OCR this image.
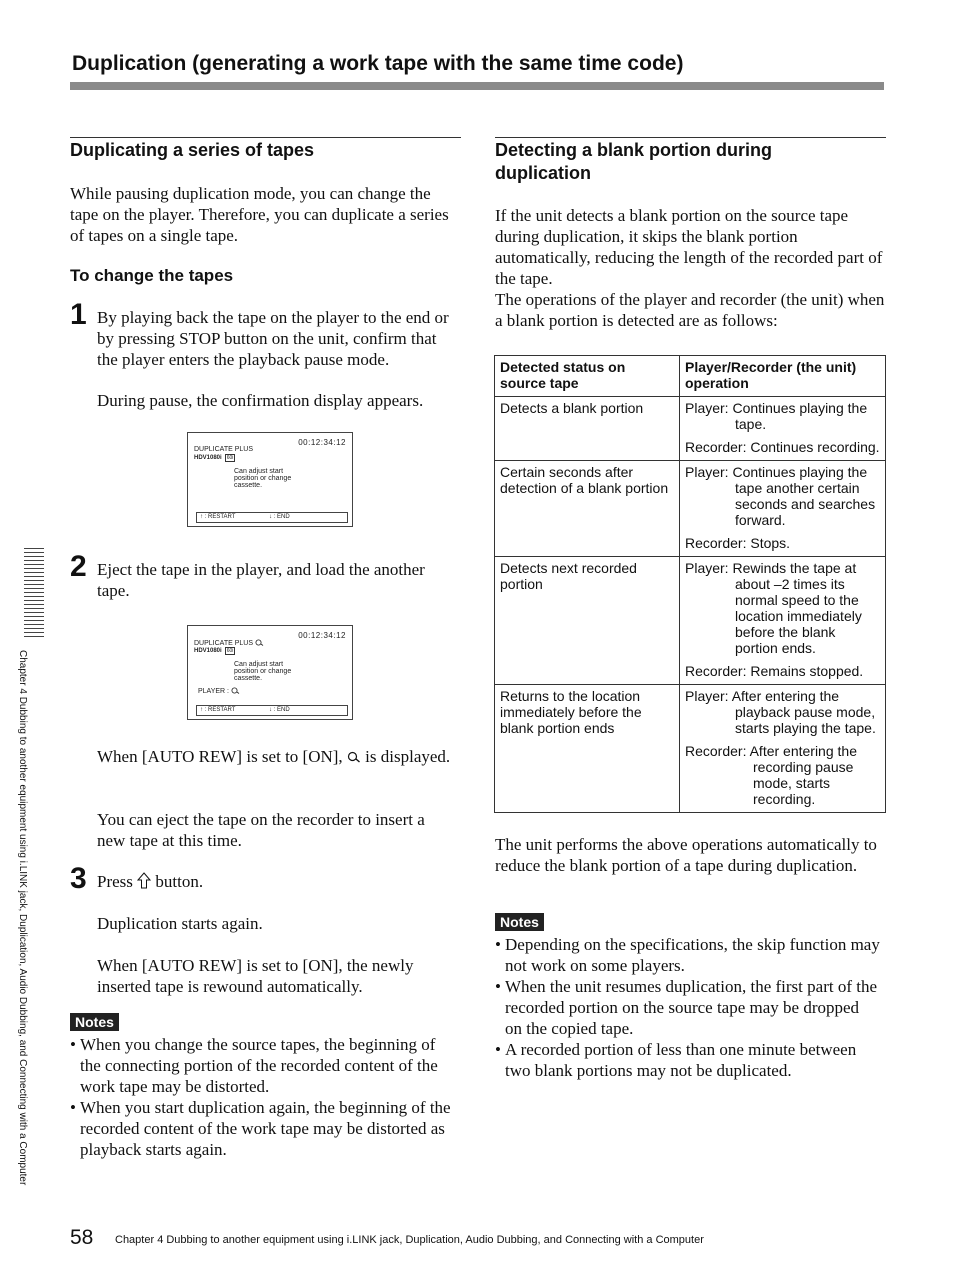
Duplication (generating a work tape with the same time code)
Duplicating a series of tapes
While pausing duplication mode, you can change the tape on the player. Therefore, you can duplicate a series of tapes on a single tape.
To change the tapes
1 By playing back the tape on the player to the end or by pressing STOP button on the unit, confirm that the player enters the playback pause mode.
During pause, the confirmation display appears.
00:12:34:12
DUPLICATE PLUS
HDV1080i 60i
Can adjust start
position or change
cassette.
↑ : RESTART	↓ : END
2 Eject the tape in the player, and load the another tape.
00:12:34:12
DUPLICATE PLUS
HDV1080i 60i
Can adjust start
position or change
cassette.
PLAYER :
↑ : RESTART	↓ : END
When [AUTO REW] is set to [ON],  is displayed.
You can eject the tape on the recorder to insert a new tape at this time.
3 Press  button.
Duplication starts again.
When [AUTO REW] is set to [ON], the newly inserted tape is rewound automatically.
Notes
• When you change the source tapes, the beginning of the connecting portion of the recorded content of the work tape may be distorted.
• When you start duplication again, the beginning of the recorded content of the work tape may be distorted as playback starts again.
Detecting a blank portion during duplication
If the unit detects a blank portion on the source tape during duplication, it skips the blank portion automatically, reducing the length of the recorded part of the tape.
The operations of the player and recorder (the unit) when a blank portion is detected are as follows:
Detected status on source tape	Player/Recorder (the unit) operation
Detects a blank portion	Player: Continues playing the tape.
Recorder: Continues recording.

Certain seconds after detection of a blank portion	Player: Continues playing the tape another certain seconds and searches forward.
Recorder: Stops.

Detects next recorded portion	Player: Rewinds the tape at about –2 times its normal speed to the location immediately before the blank portion ends.
Recorder: Remains stopped.

Returns to the location immediately before the blank portion ends	Player: After entering the playback pause mode, starts playing the tape.
Recorder: After entering the recording pause mode, starts recording.
The unit performs the above operations automatically to reduce the blank portion of a tape during duplication.
Notes
• Depending on the specifications, the skip function may not work on some players.
• When the unit resumes duplication, the first part of the recorded portion on the source tape may be dropped on the copied tape.
• A recorded portion of less than one minute between two blank portions may not be duplicated.
Chapter 4 Dubbing to another equipment using i.LINK jack, Duplication, Audio Dubbing, and Connecting with a Computer
58 Chapter 4 Dubbing to another equipment using i.LINK jack, Duplication, Audio Dubbing, and Connecting with a Computer
